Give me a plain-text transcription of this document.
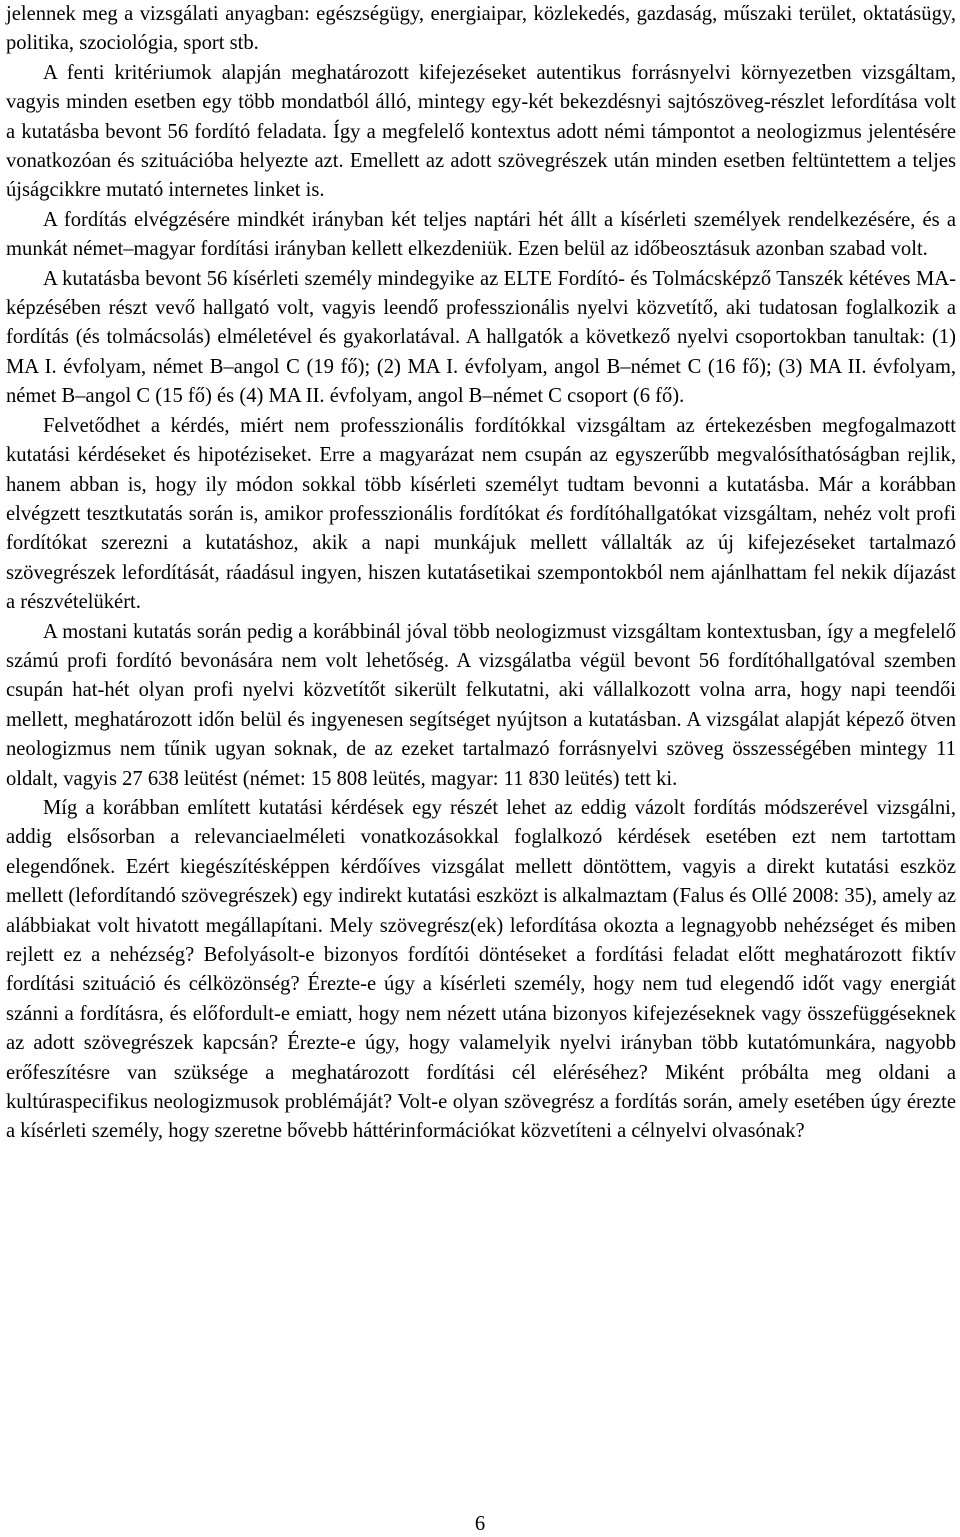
jelennek meg a vizsgálati anyagban: egészségügy, energiaipar, közlekedés, gazdaság, műszaki terület, oktatásügy, politika, szociológia, sport stb.

A fenti kritériumok alapján meghatározott kifejezéseket autentikus forrásnyelvi környezetben vizsgáltam, vagyis minden esetben egy több mondatból álló, mintegy egy-két bekezdésnyi sajtószöveg-részlet lefordítása volt a kutatásba bevont 56 fordító feladata. Így a megfelelő kontextus adott némi támpontot a neologizmus jelentésére vonatkozóan és szituációba helyezte azt. Emellett az adott szövegrészek után minden esetben feltüntettem a teljes újságcikkre mutató internetes linket is.

A fordítás elvégzésére mindkét irányban két teljes naptári hét állt a kísérleti személyek rendelkezésére, és a munkát német–magyar fordítási irányban kellett elkezdeniük. Ezen belül az időbeosztásuk azonban szabad volt.

A kutatásba bevont 56 kísérleti személy mindegyike az ELTE Fordító- és Tolmácsképző Tanszék kétéves MA-képzésében részt vevő hallgató volt, vagyis leendő professzionális nyelvi közvetítő, aki tudatosan foglalkozik a fordítás (és tolmácsolás) elméletével és gyakorlatával. A hallgatók a következő nyelvi csoportokban tanultak: (1) MA I. évfolyam, német B–angol C (19 fő); (2) MA I. évfolyam, angol B–német C (16 fő); (3) MA II. évfolyam, német B–angol C (15 fő) és (4) MA II. évfolyam, angol B–német C csoport (6 fő).

Felvetődhet a kérdés, miért nem professzionális fordítókkal vizsgáltam az értekezésben megfogalmazott kutatási kérdéseket és hipotéziseket. Erre a magyarázat nem csupán az egyszerűbb megvalósíthatóságban rejlik, hanem abban is, hogy ily módon sokkal több kísérleti személyt tudtam bevonni a kutatásba. Már a korábban elvégzett tesztkutatás során is, amikor professzionális fordítókat és fordítóhallgatókat vizsgáltam, nehéz volt profi fordítókat szerezni a kutatáshoz, akik a napi munkájuk mellett vállalták az új kifejezéseket tartalmazó szövegrészek lefordítását, ráadásul ingyen, hiszen kutatásetikai szempontokból nem ajánlhattam fel nekik díjazást a részvételükért.

A mostani kutatás során pedig a korábbinál jóval több neologizmust vizsgáltam kontextusban, így a megfelelő számú profi fordító bevonására nem volt lehetőség. A vizsgálatba végül bevont 56 fordítóhallgatóval szemben csupán hat-hét olyan profi nyelvi közvetítőt sikerült felkutatni, aki vállalkozott volna arra, hogy napi teendői mellett, meghatározott időn belül és ingyenesen segítséget nyújtson a kutatásban. A vizsgálat alapját képező ötven neologizmus nem tűnik ugyan soknak, de az ezeket tartalmazó forrásnyelvi szöveg összességében mintegy 11 oldalt, vagyis 27 638 leütést (német: 15 808 leütés, magyar: 11 830 leütés) tett ki.

Míg a korábban említett kutatási kérdések egy részét lehet az eddig vázolt fordítás módszerével vizsgálni, addig elsősorban a relevanciaelméleti vonatkozásokkal foglalkozó kérdések esetében ezt nem tartottam elegendőnek. Ezért kiegészítésképpen kérdőíves vizsgálat mellett döntöttem, vagyis a direkt kutatási eszköz mellett (lefordítandó szövegrészek) egy indirekt kutatási eszközt is alkalmaztam (Falus és Ollé 2008: 35), amely az alábbiakat volt hivatott megállapítani. Mely szövegrész(ek) lefordítása okozta a legnagyobb nehézséget és miben rejlett ez a nehézség? Befolyásolt-e bizonyos fordítói döntéseket a fordítási feladat előtt meghatározott fiktív fordítási szituáció és célközönség? Érezte-e úgy a kísérleti személy, hogy nem tud elegendő időt vagy energiát szánni a fordításra, és előfordult-e emiatt, hogy nem nézett utána bizonyos kifejezéseknek vagy összefüggéseknek az adott szövegrészek kapcsán? Érezte-e úgy, hogy valamelyik nyelvi irányban több kutatómunkára, nagyobb erőfeszítésre van szüksége a meghatározott fordítási cél eléréséhez? Miként próbálta meg oldani a kultúraspecifikus neologizmusok problémáját? Volt-e olyan szövegrész a fordítás során, amely esetében úgy érezte a kísérleti személy, hogy szeretne bővebb háttérinformációkat közvetíteni a célnyelvi olvasónak?

6
